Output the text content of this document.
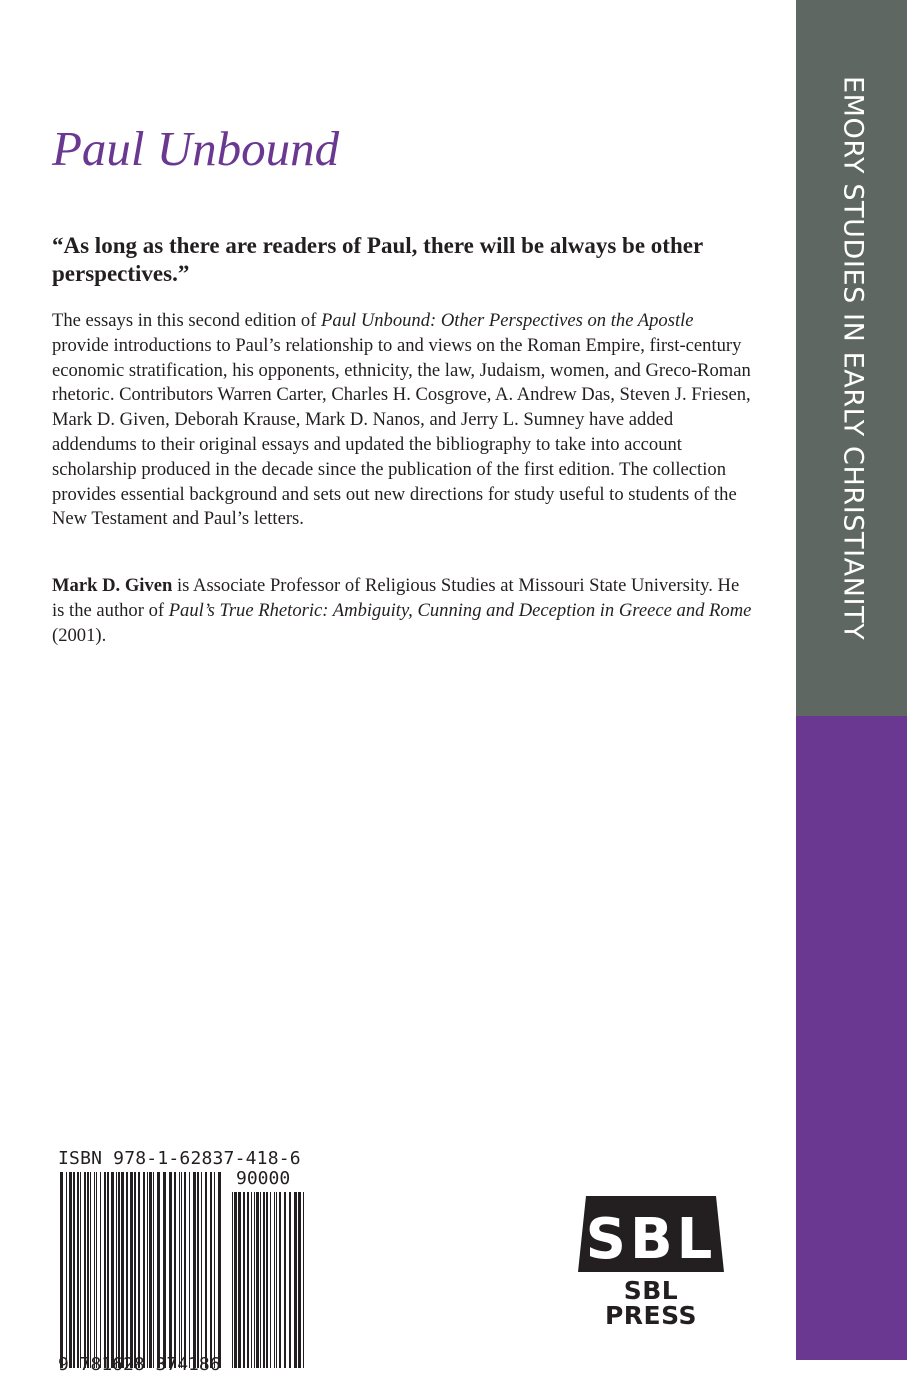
EMORY STUDIES IN EARLY CHRISTIANITY
Paul Unbound

“As long as there are readers of Paul, there will be always be other perspectives.”

The essays in this second edition of Paul Unbound: Other Perspectives on the Apostle provide introductions to Paul’s relationship to and views on the Roman Empire, first-century economic stratification, his opponents, ethnicity, the law, Judaism, women, and Greco-Roman rhetoric. Contributors Warren Carter, Charles H. Cosgrove, A. Andrew Das, Steven J. Friesen, Mark D. Given, Deborah Krause, Mark D. Nanos, and Jerry L. Sumney have added addendums to their original essays and updated the bibliography to take into account scholarship produced in the decade since the publication of the first edition. The collection provides essential background and sets out new directions for study useful to students of the New Testament and Paul’s letters.

Mark D. Given is Associate Professor of Religious Studies at Missouri State University. He is the author of Paul’s True Rhetoric: Ambiguity, Cunning and Deception in Greece and Rome (2001).

ISBN 978-1-62837-418-6
90000
9 781628 374186
SBL
SBL PRESS
